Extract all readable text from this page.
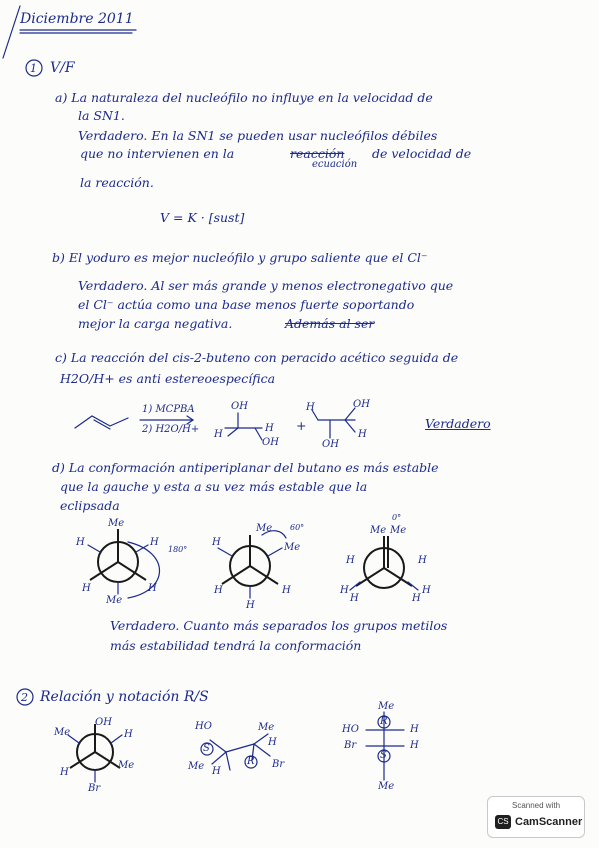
Diciembre 2011
1 V/F
a) La naturaleza del nucleófilo no influye en la velocidad de
la SN1.
Verdadero. En la SN1 se pueden usar nucleófilos débiles
que no intervienen en la	reacción de velocidad de
ecuación
la reacción.
V = K · [sust]
b) El yoduro es mejor nucleófilo y grupo saliente que el Cl⁻
Verdadero. Al ser más grande y menos electronegativo que
el Cl⁻ actúa como una base menos fuerte soportando
mejor la carga negativa.	Además al ser
c) La reacción del cis-2-buteno con peracido acético seguida de
H2O/H+ es anti estereoespecífica
1) MCPBA
2) H2O/H+
OH
H
OH
H +
H	OH
OH
H
Verdadero
d) La conformación antiperiplanar del butano es más estable
que la gauche y esta a su vez más estable que la
eclipsada
Me
H	H
H	H
Me
180°
Me
Me
H
H	H
H
60°	Me Me
0°
H	H
H
H
H
H
Verdadero. Cuanto más separados los grupos metilos
más estabilidad tendrá la conformación
2 Relación y notación R/S
OH
Me	H
H
Me
Br
HO
S
Me H
Me
H
R Br
Me
HO
R
H
Br	H
S
Me
Scanned with
CS CamScanner
